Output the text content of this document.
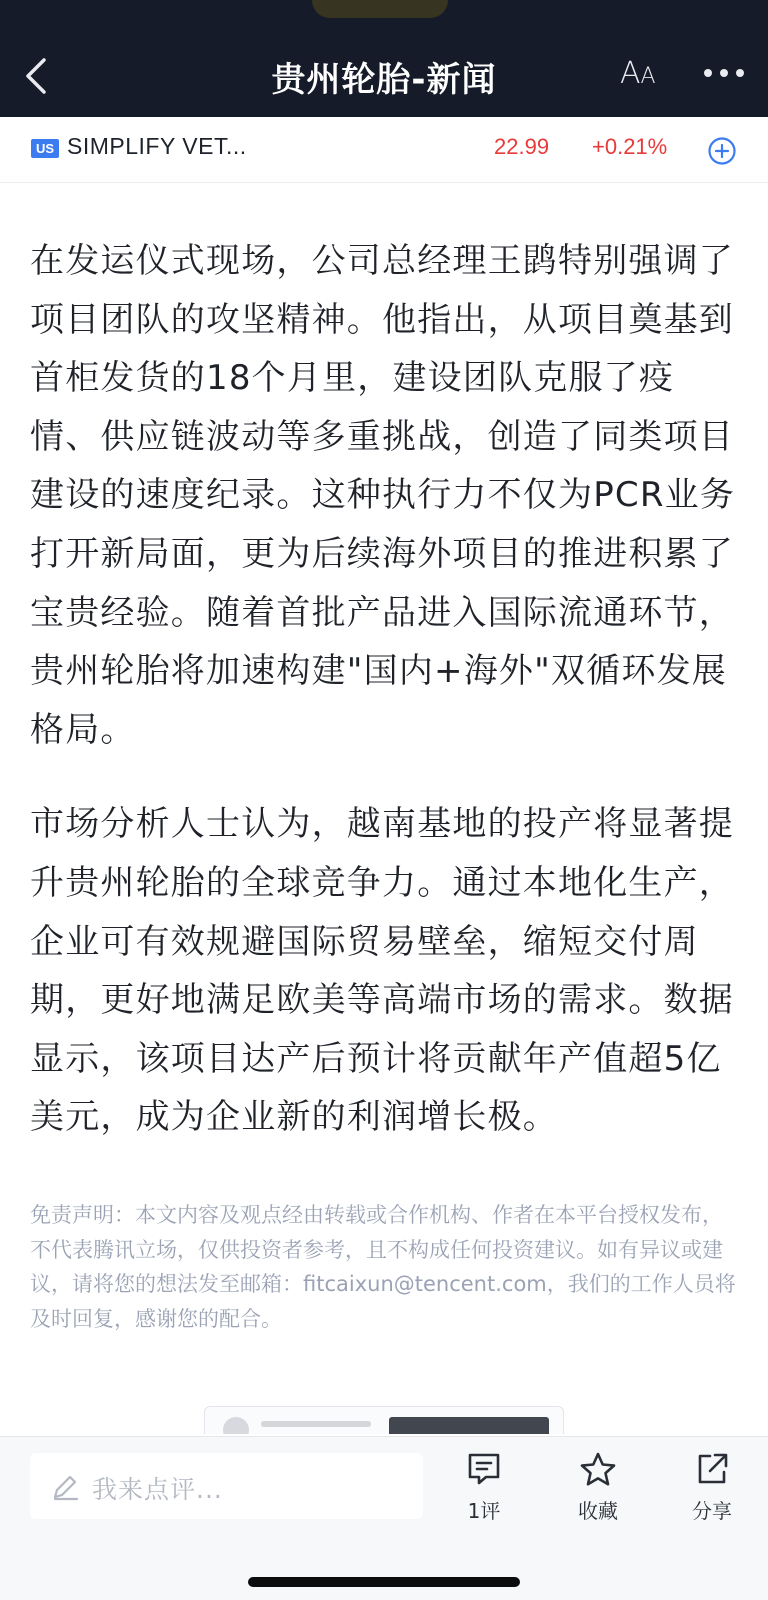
贵州轮胎-新闻	AA
US SIMPLIFY VET...	22.99 +0.21%

在发运仪式现场，公司总经理王鹍特别强调了项目团队的攻坚精神。他指出，从项目奠基到首柜发货的18个月里，建设团队克服了疫情、供应链波动等多重挑战，创造了同类项目建设的速度纪录。这种执行力不仅为PCR业务打开新局面，更为后续海外项目的推进积累了宝贵经验。随着首批产品进入国际流通环节，贵州轮胎将加速构建"国内+海外"双循环发展格局。

市场分析人士认为，越南基地的投产将显著提升贵州轮胎的全球竞争力。通过本地化生产，企业可有效规避国际贸易壁垒，缩短交付周期，更好地满足欧美等高端市场的需求。数据显示，该项目达产后预计将贡献年产值超5亿美元，成为企业新的利润增长极。

免责声明：本文内容及观点经由转载或合作机构、作者在本平台授权发布，不代表腾讯立场，仅供投资者参考，且不构成任何投资建议。如有异议或建议，请将您的想法发至邮箱：fitcaixun@tencent.com，我们的工作人员将及时回复，感谢您的配合。
我来点评...
1评	收藏	分享
